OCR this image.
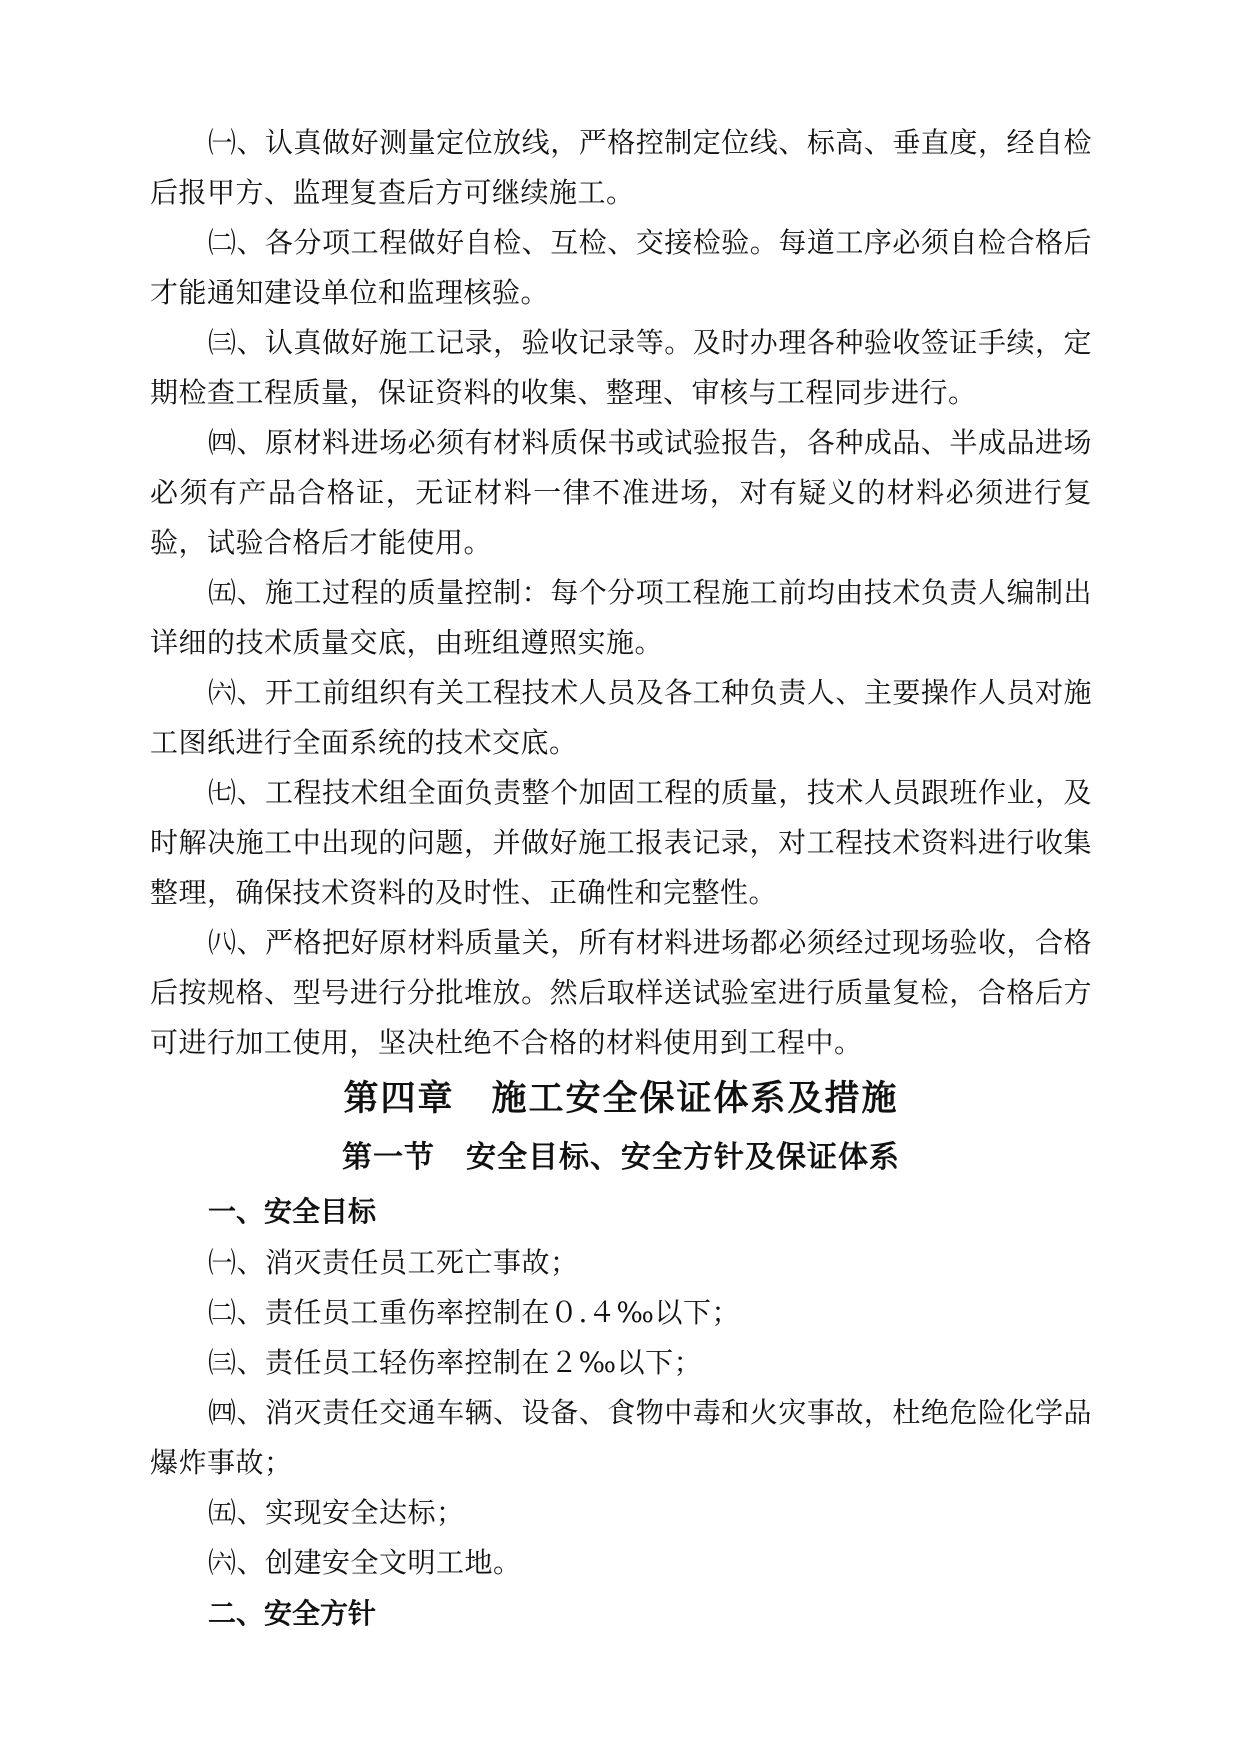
㈠、认真做好测量定位放线，严格控制定位线、标高、垂直度，经自检后报甲方、监理复查后方可继续施工。

㈡、各分项工程做好自检、互检、交接检验。每道工序必须自检合格后才能通知建设单位和监理核验。

㈢、认真做好施工记录，验收记录等。及时办理各种验收签证手续，定期检查工程质量，保证资料的收集、整理、审核与工程同步进行。

㈣、原材料进场必须有材料质保书或试验报告，各种成品、半成品进场必须有产品合格证，无证材料一律不准进场，对有疑义的材料必须进行复验，试验合格后才能使用。

㈤、施工过程的质量控制：每个分项工程施工前均由技术负责人编制出详细的技术质量交底，由班组遵照实施。

㈥、开工前组织有关工程技术人员及各工种负责人、主要操作人员对施工图纸进行全面系统的技术交底。

㈦、工程技术组全面负责整个加固工程的质量，技术人员跟班作业，及时解决施工中出现的问题，并做好施工报表记录，对工程技术资料进行收集整理，确保技术资料的及时性、正确性和完整性。

㈧、严格把好原材料质量关，所有材料进场都必须经过现场验收，合格后按规格、型号进行分批堆放。然后取样送试验室进行质量复检，合格后方可进行加工使用，坚决杜绝不合格的材料使用到工程中。

第四章　施工安全保证体系及措施
第一节　安全目标、安全方针及保证体系
一、安全目标

㈠、消灭责任员工死亡事故；

㈡、责任员工重伤率控制在０.４‰以下；

㈢、责任员工轻伤率控制在２‰以下；

㈣、消灭责任交通车辆、设备、食物中毒和火灾事故，杜绝危险化学品爆炸事故；

㈤、实现安全达标；

㈥、创建安全文明工地。

二、安全方针
